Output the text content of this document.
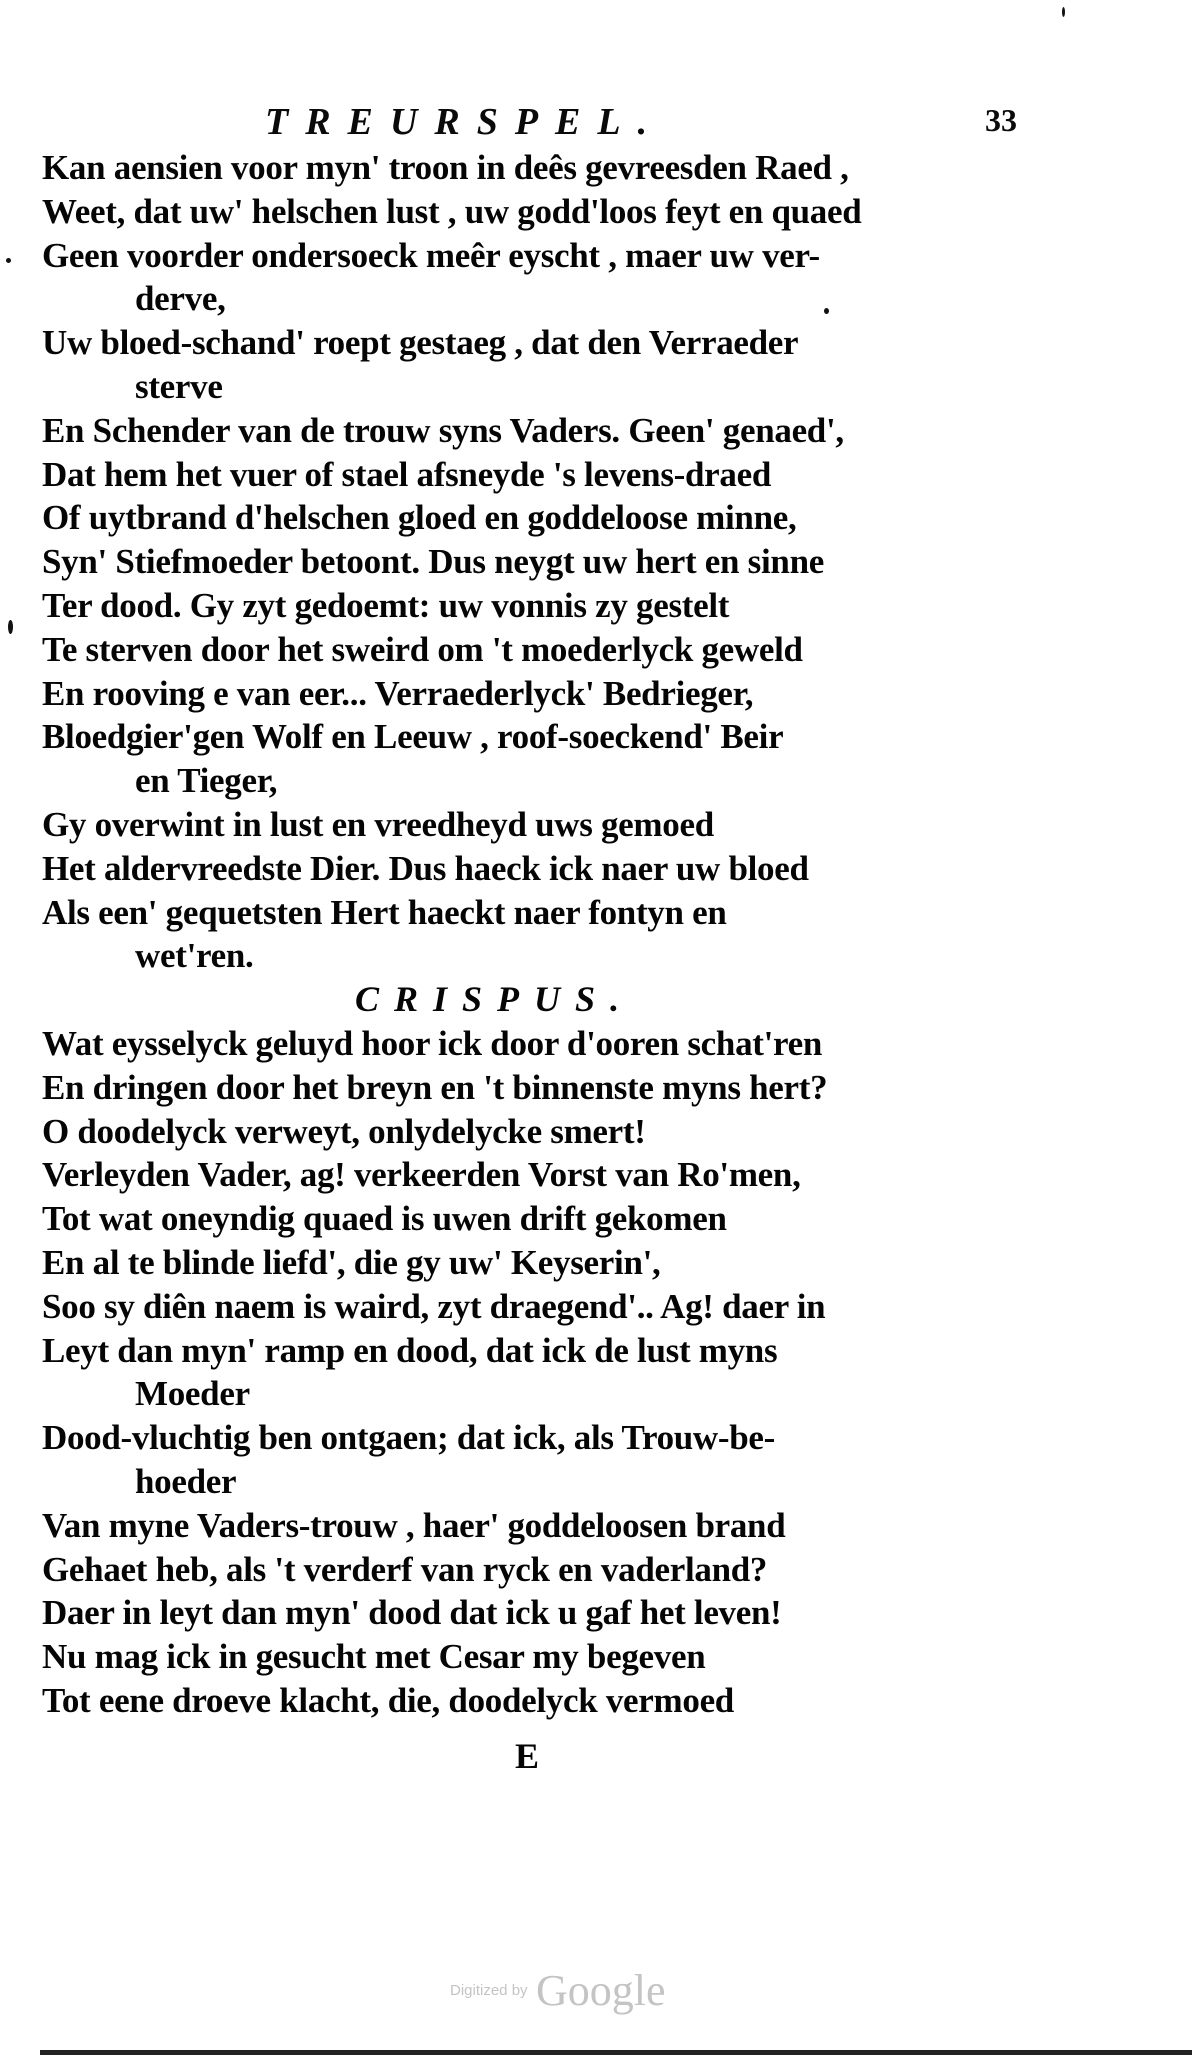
TREURSPEL.	33
Kan aensien voor myn' troon in deês gevreesden Raed ,
Weet, dat uw' helschen lust , uw godd'loos feyt en quaed
Geen voorder ondersoeck meêr eyscht , maer uw ver-
derve,
Uw bloed-schand' roept gestaeg , dat den Verraeder
sterve
En Schender van de trouw syns Vaders. Geen' genaed',
Dat hem het vuer of stael afsneyde 's levens-draed
Of uytbrand d'helschen gloed en goddeloose minne,
Syn' Stiefmoeder betoont. Dus neygt uw hert en sinne
Ter dood. Gy zyt gedoemt: uw vonnis zy gestelt
Te sterven door het sweird om 't moederlyck geweld
En rooving e van eer... Verraederlyck' Bedrieger,
Bloedgier'gen Wolf en Leeuw , roof-soeckend' Beir
en Tieger,
Gy overwint in lust en vreedheyd uws gemoed
Het aldervreedste Dier. Dus haeck ick naer uw bloed
Als een' gequetsten Hert haeckt naer fontyn en
wet'ren.
CRISPUS.
Wat eysselyck geluyd hoor ick door d'ooren schat'ren
En dringen door het breyn en 't binnenste myns hert?
O doodelyck verweyt, onlydelycke smert!
Verleyden Vader, ag! verkeerden Vorst van Ro'men,
Tot wat oneyndig quaed is uwen drift gekomen
En al te blinde liefd', die gy uw' Keyserin',
Soo sy diên naem is waird, zyt draegend'.. Ag! daer in
Leyt dan myn' ramp en dood, dat ick de lust myns
Moeder
Dood-vluchtig ben ontgaen; dat ick, als Trouw-be-
hoeder
Van myne Vaders-trouw , haer' goddeloosen brand
Gehaet heb, als 't verderf van ryck en vaderland?
Daer in leyt dan myn' dood dat ick u gaf het leven!
Nu mag ick in gesucht met Cesar my begeven
Tot eene droeve klacht, die, doodelyck vermoed
E
Digitized by Google
